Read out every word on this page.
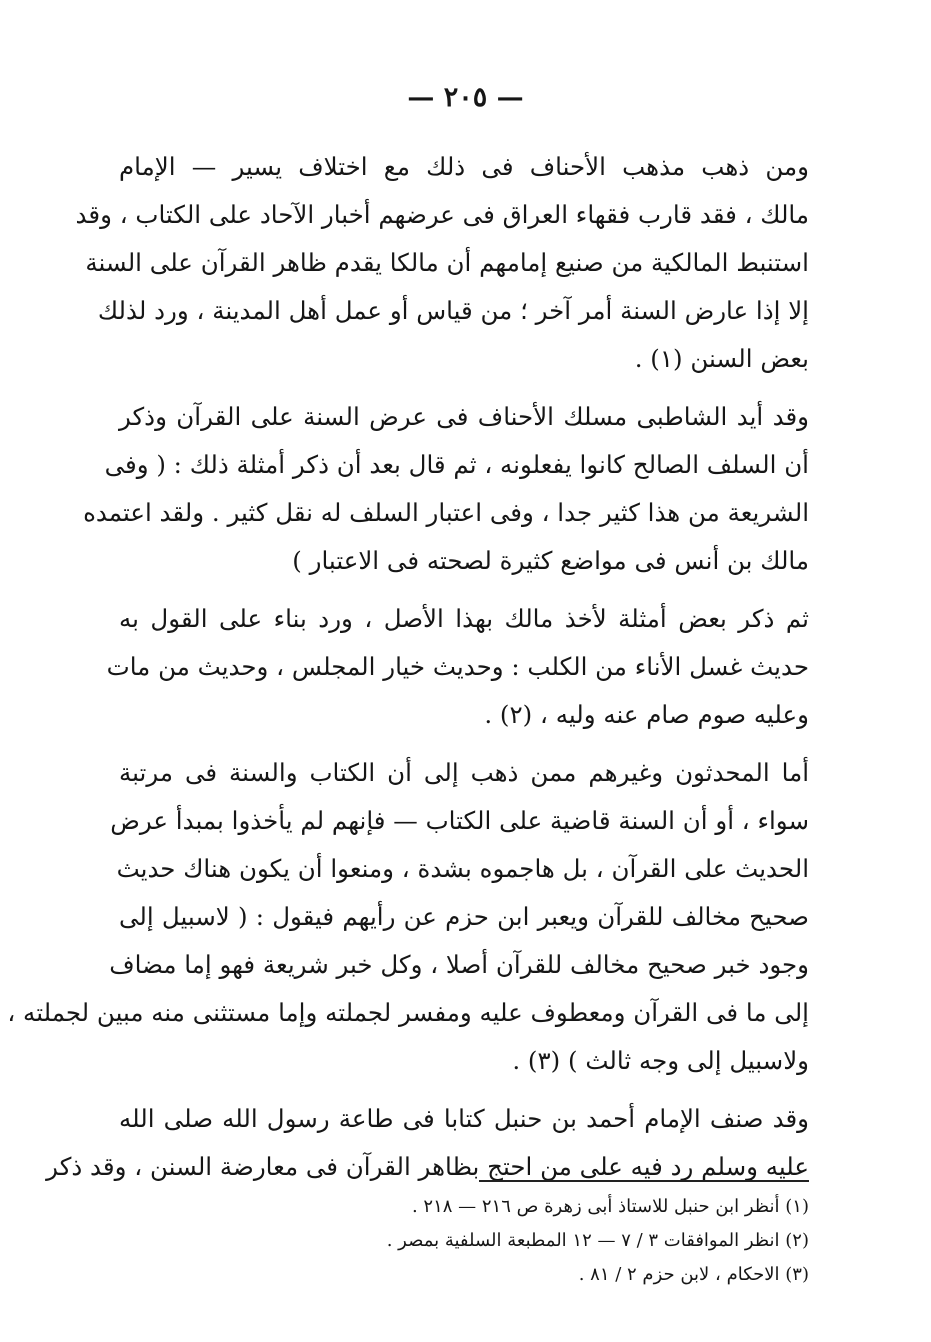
— ٢٠٥ —
ومن ذهب مذهب الأحناف فى ذلك مع اختلاف يسير — الإمام
مالك ، فقد قارب فقهاء العراق فى عرضهم أخبار الآحاد على الكتاب ، وقد
استنبط المالكية من صنيع إمامهم أن مالكا يقدم ظاهر القرآن على السنة
إلا إذا عارض السنة أمر آخر ؛ من قياس أو عمل أهل المدينة ، ورد لذلك
بعض السنن (١) .
وقد أيد الشاطبى مسلك الأحناف فى عرض السنة على القرآن وذكر
أن السلف الصالح كانوا يفعلونه ، ثم قال بعد أن ذكر أمثلة ذلك : ( وفى
الشريعة من هذا كثير جدا ، وفى اعتبار السلف له نقل كثير . ولقد اعتمده
مالك بن أنس فى مواضع كثيرة لصحته فى الاعتبار )
ثم ذكر بعض أمثلة لأخذ مالك بهذا الأصل ، ورد بناء على القول به
حديث غسل الأناء من الكلب : وحديث خيار المجلس ، وحديث من مات
وعليه صوم صام عنه وليه ، (٢) .
أما المحدثون وغيرهم ممن ذهب إلى أن الكتاب والسنة فى مرتبة
سواء ، أو أن السنة قاضية على الكتاب — فإنهم لم يأخذوا بمبدأ عرض
الحديث على القرآن ، بل هاجموه بشدة ، ومنعوا أن يكون هناك حديث
صحيح مخالف للقرآن ويعبر ابن حزم عن رأيهم فيقول : ( لاسبيل إلى
وجود خبر صحيح مخالف للقرآن أصلا ، وكل خبر شريعة فهو إما مضاف
إلى ما فى القرآن ومعطوف عليه ومفسر لجملته وإما مستثنى منه مبين لجملته ،
ولاسبيل إلى وجه ثالث ) (٣) .
وقد صنف الإمام أحمد بن حنبل كتابا فى طاعة رسول الله صلى الله
عليه وسلم رد فيه على من احتج بظاهر القرآن فى معارضة السنن ، وقد ذكر
(١) أنظر ابن حنبل للاستاذ أبى زهرة ص ٢١٦ — ٢١٨ .
(٢) انظر الموافقات ٣ / ٧ — ١٢ المطبعة السلفية بمصر .
(٣) الاحكام ، لابن حزم ٢ / ٨١ .
